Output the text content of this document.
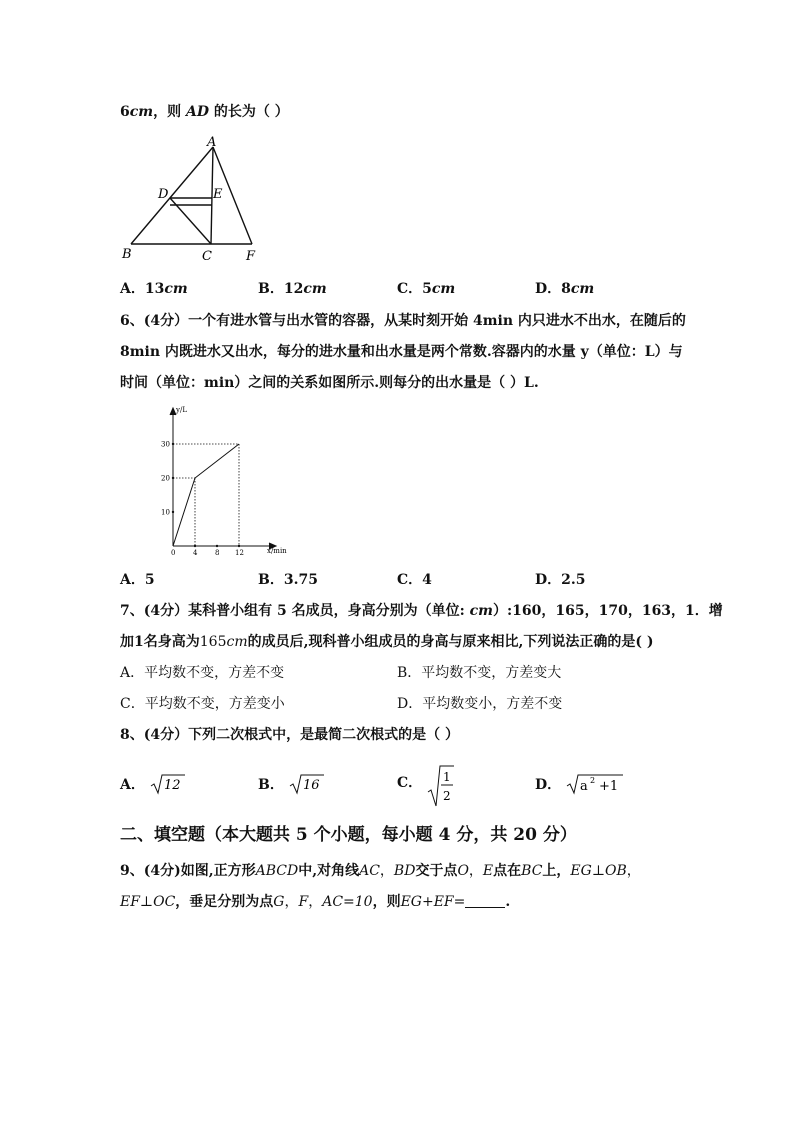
6cm，则 AD 的长为（ ）
A
B	C
D	E
F
A．13cm	B．12cm	C．5cm	D．8cm
6、(4分）一个有进水管与出水管的容器，从某时刻开始 4min 内只进水不出水，在随后的
8min 内既进水又出水，每分的进水量和出水量是两个常数.容器内的水量 y（单位：L）与
时间（单位：min）之间的关系如图所示.则每分的出水量是（ ）L.
10
20
30
0	4	8 12
y/L
x/min
A．5	B．3.75	C．4	D．2.5
7、(4分）某科普小组有 5 名成员，身高分别为（单位: cm）:160，165，170，163，1．增
加1名身高为165cm的成员后,现科普小组成员的身高与原来相比,下列说法正确的是( )
A．平均数不变，方差不变	B．平均数不变，方差变大
C．平均数不变，方差变小	D．平均数变小，方差不变
8、(4分）下列二次根式中，是最简二次根式的是（ ）
A． 12	B． 16	C． 1
2
D． a 2 +1
二、填空题（本大题共 5 个小题，每小题 4 分，共 20 分）
9、(4分)如图,正方形ABCD中,对角线AC，BD交于点O，E点在BC上，EG⊥OB，
EF⊥OC，垂足分别为点G，F，AC=10，则EG+EF=	.
